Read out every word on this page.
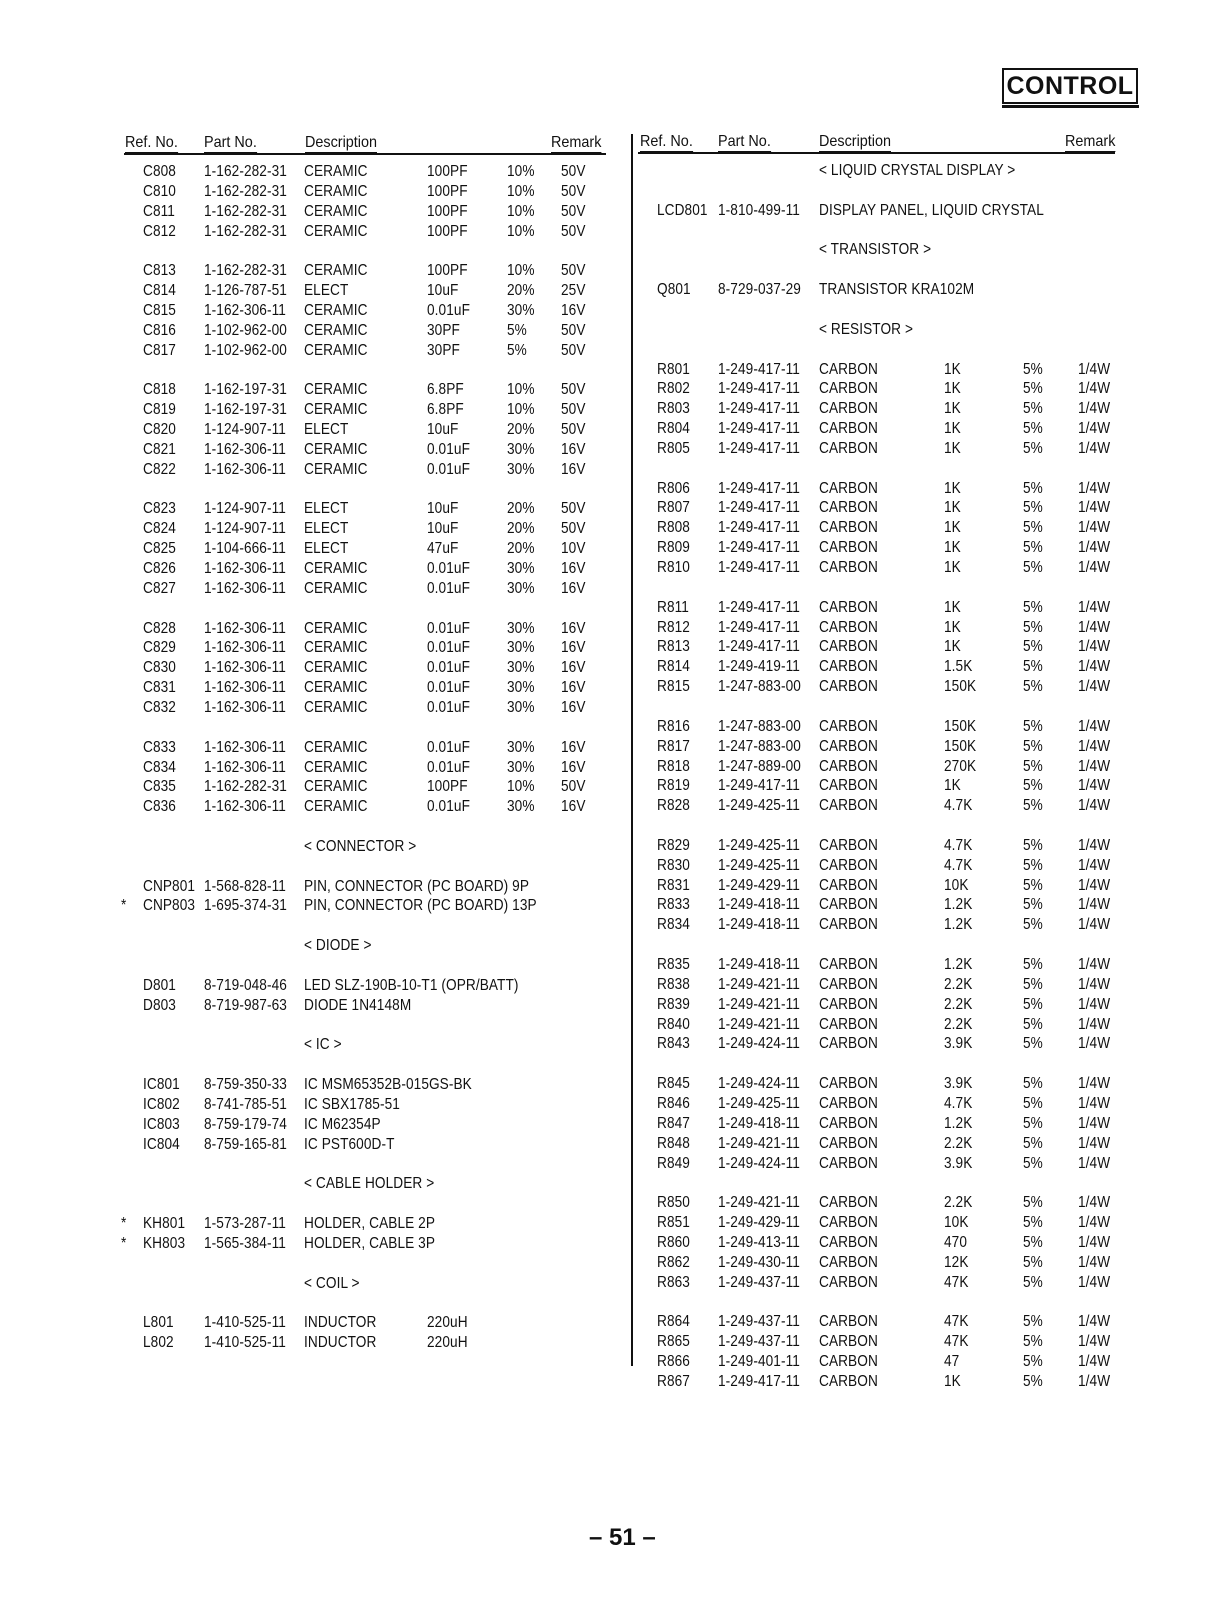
CONTROL
Ref. No. Part No.	Description	Remark Ref. No. Part No.	Description	Remark
C808 1-162-282-31 CERAMIC	100PF	10% 50V
C810 1-162-282-31 CERAMIC	100PF	10% 50V
C811 1-162-282-31 CERAMIC	100PF	10% 50V
C812 1-162-282-31 CERAMIC	100PF	10% 50V
C813 1-162-282-31 CERAMIC	100PF	10% 50V
C814 1-126-787-51 ELECT	10uF	20% 25V
C815 1-162-306-11 CERAMIC	0.01uF 30% 16V
C816 1-102-962-00 CERAMIC	30PF	5% 50V
C817 1-102-962-00 CERAMIC	30PF	5% 50V
C818 1-162-197-31 CERAMIC	6.8PF	10% 50V
C819 1-162-197-31 CERAMIC	6.8PF	10% 50V
C820 1-124-907-11 ELECT	10uF	20% 50V
C821 1-162-306-11 CERAMIC	0.01uF 30% 16V
C822 1-162-306-11 CERAMIC	0.01uF 30% 16V
C823 1-124-907-11 ELECT	10uF	20% 50V
C824 1-124-907-11 ELECT	10uF	20% 50V
C825 1-104-666-11 ELECT	47uF	20% 10V
C826 1-162-306-11 CERAMIC	0.01uF 30% 16V
C827 1-162-306-11 CERAMIC	0.01uF 30% 16V
C828 1-162-306-11 CERAMIC	0.01uF 30% 16V
C829 1-162-306-11 CERAMIC	0.01uF 30% 16V
C830 1-162-306-11 CERAMIC	0.01uF 30% 16V
C831 1-162-306-11 CERAMIC	0.01uF 30% 16V
C832 1-162-306-11 CERAMIC	0.01uF 30% 16V
C833 1-162-306-11 CERAMIC	0.01uF 30% 16V
C834 1-162-306-11 CERAMIC	0.01uF 30% 16V
C835 1-162-282-31 CERAMIC	100PF	10% 50V
C836 1-162-306-11 CERAMIC	0.01uF 30% 16V
< CONNECTOR >
CNP801 1-568-828-11 PIN, CONNECTOR (PC BOARD) 9P
* CNP803 1-695-374-31 PIN, CONNECTOR (PC BOARD) 13P
< DIODE >
D801 8-719-048-46 LED SLZ-190B-10-T1 (OPR/BATT)
D803 8-719-987-63 DIODE 1N4148M
< IC >
IC801 8-759-350-33 IC MSM65352B-015GS-BK
IC802 8-741-785-51 IC SBX1785-51
IC803 8-759-179-74 IC M62354P
IC804 8-759-165-81 IC PST600D-T
< CABLE HOLDER >
* KH801 1-573-287-11 HOLDER, CABLE 2P
* KH803 1-565-384-11 HOLDER, CABLE 3P
< COIL >
L801 1-410-525-11 INDUCTOR	220uH
L802 1-410-525-11 INDUCTOR	220uH
< LIQUID CRYSTAL DISPLAY >
LCD801 1-810-499-11 DISPLAY PANEL, LIQUID CRYSTAL
< TRANSISTOR >
Q801 8-729-037-29 TRANSISTOR KRA102M
< RESISTOR >
R801 1-249-417-11 CARBON	1K	5% 1/4W
R802 1-249-417-11 CARBON	1K	5% 1/4W
R803 1-249-417-11 CARBON	1K	5% 1/4W
R804 1-249-417-11 CARBON	1K	5% 1/4W
R805 1-249-417-11 CARBON	1K	5% 1/4W
R806 1-249-417-11 CARBON	1K	5% 1/4W
R807 1-249-417-11 CARBON	1K	5% 1/4W
R808 1-249-417-11 CARBON	1K	5% 1/4W
R809 1-249-417-11 CARBON	1K	5% 1/4W
R810 1-249-417-11 CARBON	1K	5% 1/4W
R811 1-249-417-11 CARBON	1K	5% 1/4W
R812 1-249-417-11 CARBON	1K	5% 1/4W
R813 1-249-417-11 CARBON	1K	5% 1/4W
R814 1-249-419-11 CARBON	1.5K	5% 1/4W
R815 1-247-883-00 CARBON	150K	5% 1/4W
R816 1-247-883-00 CARBON	150K	5% 1/4W
R817 1-247-883-00 CARBON	150K	5% 1/4W
R818 1-247-889-00 CARBON	270K	5% 1/4W
R819 1-249-417-11 CARBON	1K	5% 1/4W
R828 1-249-425-11 CARBON	4.7K	5% 1/4W
R829 1-249-425-11 CARBON	4.7K	5% 1/4W
R830 1-249-425-11 CARBON	4.7K	5% 1/4W
R831 1-249-429-11 CARBON	10K	5% 1/4W
R833 1-249-418-11 CARBON	1.2K	5% 1/4W
R834 1-249-418-11 CARBON	1.2K	5% 1/4W
R835 1-249-418-11 CARBON	1.2K	5% 1/4W
R838 1-249-421-11 CARBON	2.2K	5% 1/4W
R839 1-249-421-11 CARBON	2.2K	5% 1/4W
R840 1-249-421-11 CARBON	2.2K	5% 1/4W
R843 1-249-424-11 CARBON	3.9K	5% 1/4W
R845 1-249-424-11 CARBON	3.9K	5% 1/4W
R846 1-249-425-11 CARBON	4.7K	5% 1/4W
R847 1-249-418-11 CARBON	1.2K	5% 1/4W
R848 1-249-421-11 CARBON	2.2K	5% 1/4W
R849 1-249-424-11 CARBON	3.9K	5% 1/4W
R850 1-249-421-11 CARBON	2.2K	5% 1/4W
R851 1-249-429-11 CARBON	10K	5% 1/4W
R860 1-249-413-11 CARBON	470	5% 1/4W
R862 1-249-430-11 CARBON	12K	5% 1/4W
R863 1-249-437-11 CARBON	47K	5% 1/4W
R864 1-249-437-11 CARBON	47K	5% 1/4W
R865 1-249-437-11 CARBON	47K	5% 1/4W
R866 1-249-401-11 CARBON	47	5% 1/4W
R867 1-249-417-11 CARBON	1K	5% 1/4W
– 51 –
